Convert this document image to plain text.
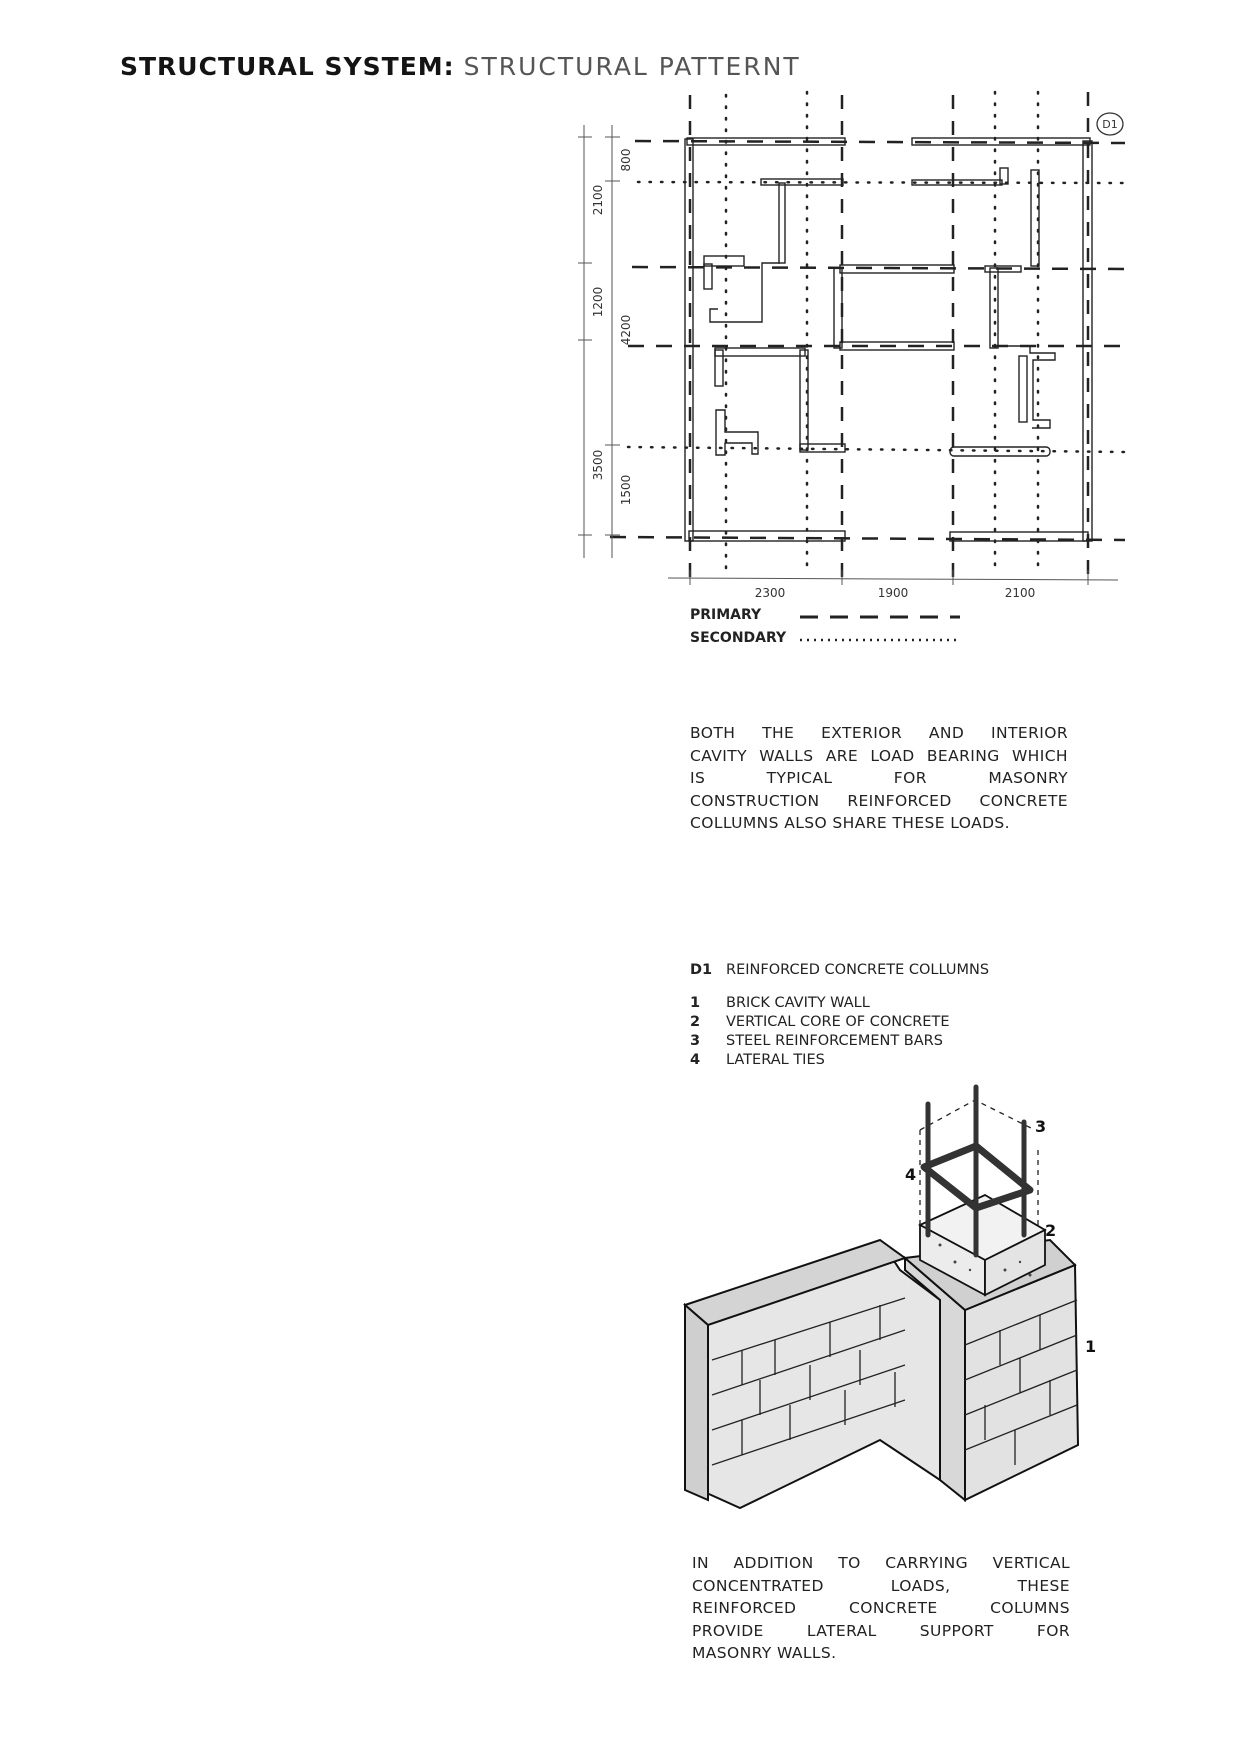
STRUCTURAL SYSTEM: STRUCTURAL PATTERNT
2100
1200
3500
800
4200
1500
2300	1900	2100
D1
1
2
3
4
PRIMARY
SECONDARY
BOTH THE EXTERIOR AND INTERIOR
CAVITY WALLS ARE LOAD BEARING WHICH
IS TYPICAL FOR MASONRY
CONSTRUCTION REINFORCED CONCRETE
COLLUMNS ALSO SHARE THESE LOADS.
D1 REINFORCED CONCRETE COLLUMNS
1	BRICK CAVITY WALL
2	VERTICAL CORE OF CONCRETE
3	STEEL REINFORCEMENT BARS
4	LATERAL TIES
IN ADDITION TO CARRYING VERTICAL
CONCENTRATED LOADS, THESE
REINFORCED CONCRETE COLUMNS
PROVIDE LATERAL SUPPORT FOR
MASONRY WALLS.
